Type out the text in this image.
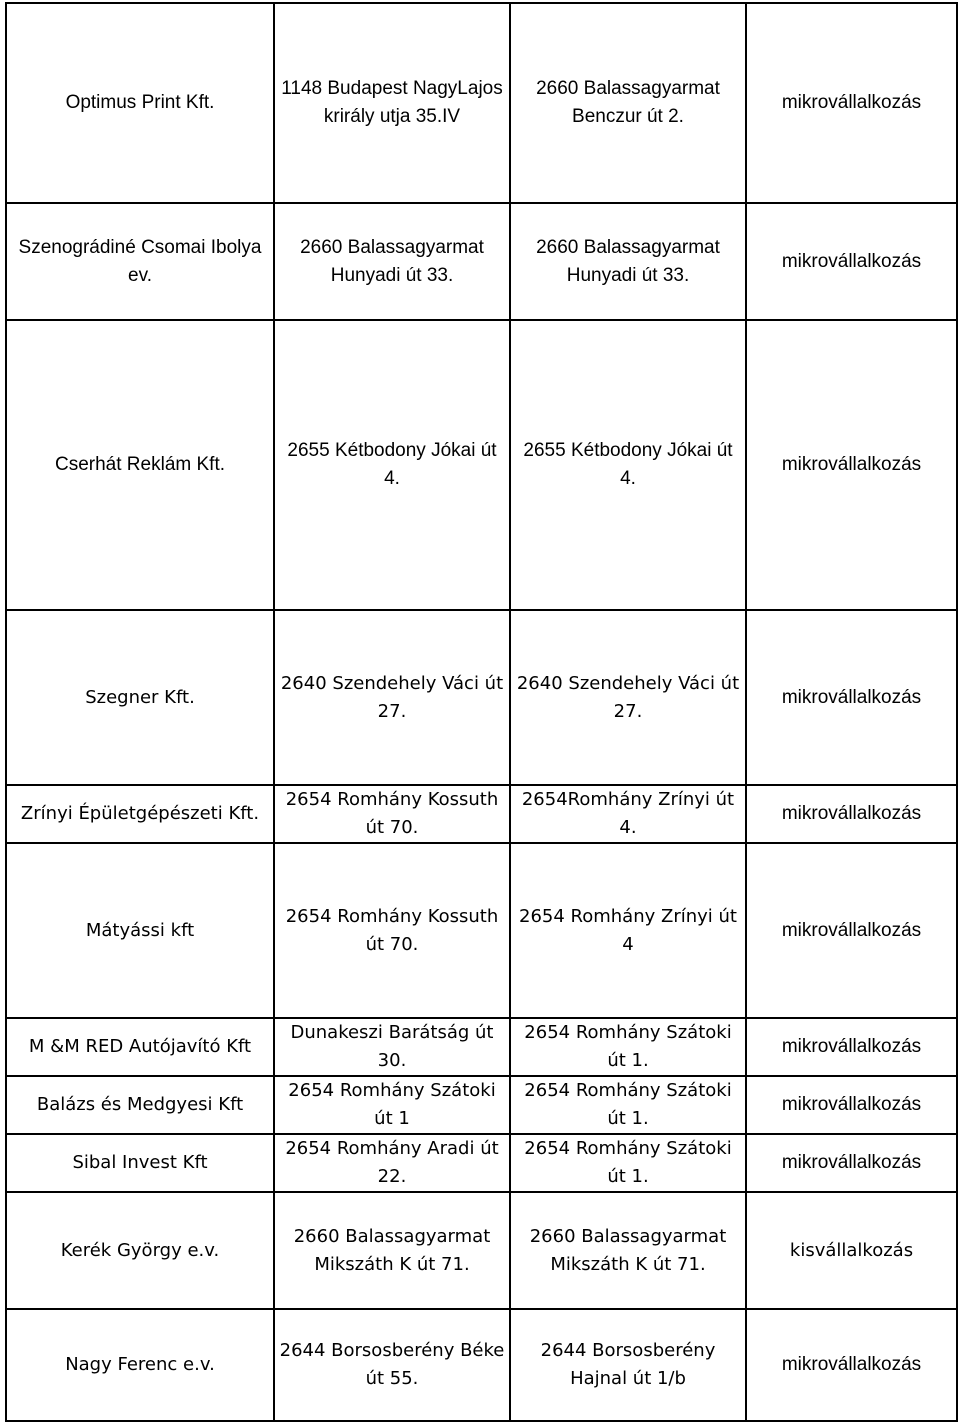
Optimus Print Kft.	1148 Budapest NagyLajos krirály utja 35.IV	2660 Balassagyarmat Benczur út 2.	mikrovállalkozás
Szenográdiné Csomai Ibolya ev.	2660 Balassagyarmat Hunyadi út 33.	2660 Balassagyarmat Hunyadi út 33.	mikrovállalkozás
Cserhát Reklám Kft.	2655 Kétbodony Jókai út 4.	2655 Kétbodony Jókai út 4.	mikrovállalkozás
Szegner Kft.	2640 Szendehely Váci út 27.	2640 Szendehely Váci út 27.	mikrovállalkozás
Zrínyi Épületgépészeti Kft.	2654 Romhány Kossuth út 70.	2654Romhány Zrínyi út 4.	mikrovállalkozás
Mátyássi kft	2654 Romhány Kossuth út 70.	2654 Romhány Zrínyi út 4	mikrovállalkozás
M &M RED Autójavító Kft	Dunakeszi Barátság út 30.	2654 Romhány Szátoki út 1.	mikrovállalkozás
Balázs és Medgyesi Kft	2654 Romhány Szátoki út 1	2654 Romhány Szátoki út 1.	mikrovállalkozás
Sibal Invest Kft	2654 Romhány Aradi út 22.	2654 Romhány Szátoki út 1.	mikrovállalkozás
Kerék György e.v.	2660 Balassagyarmat Mikszáth K út 71.	2660 Balassagyarmat Mikszáth K út 71.	kisvállalkozás
Nagy Ferenc e.v.	2644 Borsosberény Béke út 55.	2644 Borsosberény Hajnal út 1/b	mikrovállalkozás
